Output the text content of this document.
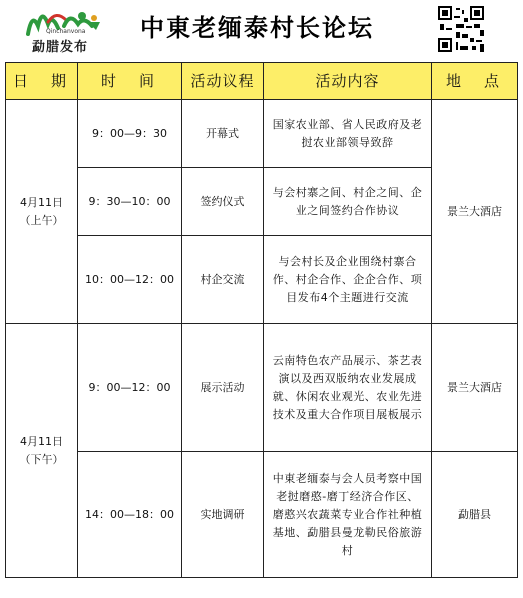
Qinchanvona
勐腊发布
中東老缅泰村长论坛
日　期	时　间	活动议程	活动内容	地　点

4月11日
（上午）	9：00—9：30	开幕式	国家农业部、省人民政府及老挝农业部领导致辞	景兰大酒店
	9：30—10：00	签约仪式	与会村寨之间、村企之间、企业之间签约合作协议	
	10：00—12：00	村企交流	与会村长及企业围绕村寨合作、村企合作、企企合作、项目发布4个主题进行交流	

4月11日
（下午）	9：00—12：00	展示活动	云南特色农产品展示、茶艺表演以及西双版纳农业发展成就、休闲农业观光、农业先进技术及重大合作项目展板展示	景兰大酒店
	14：00—18：00	实地调研	中東老缅泰与会人员考察中国老挝磨憨-磨丁经济合作区、磨憨兴农蔬菜专业合作社种植基地、勐腊县曼龙勒民俗旅游村	勐腊县
